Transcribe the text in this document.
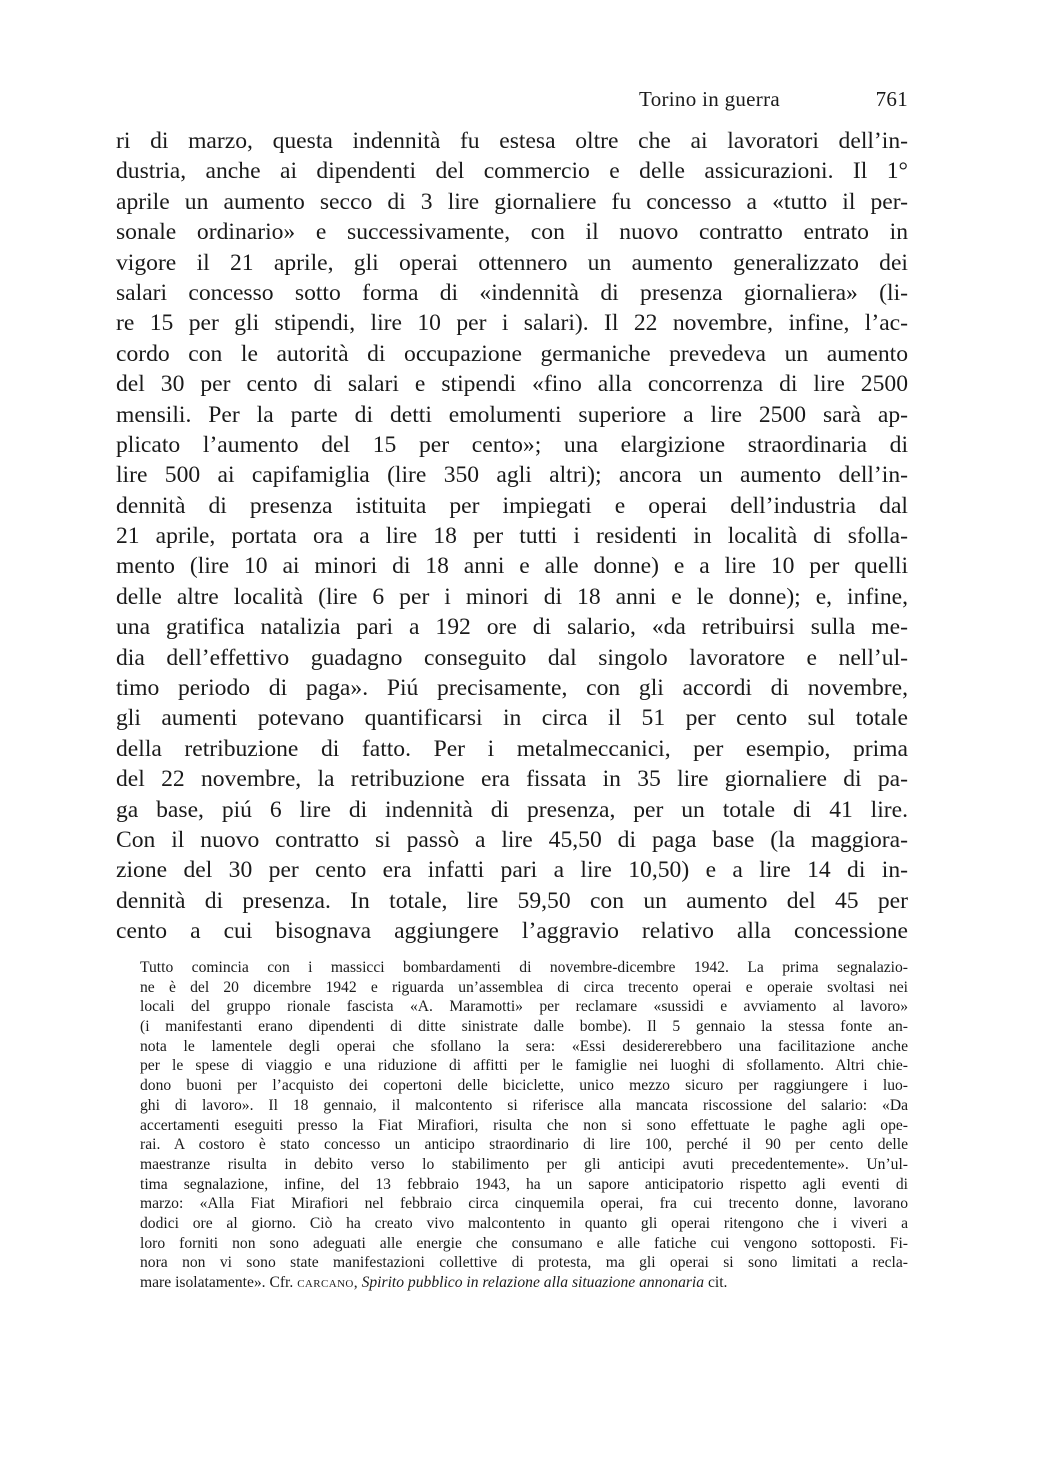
Torino in guerra	761
ri di marzo, questa indennità fu estesa oltre che ai lavoratori dell’in-
dustria, anche ai dipendenti del commercio e delle assicurazioni. Il 1°
aprile un aumento secco di 3 lire giornaliere fu concesso a «tutto il per-
sonale ordinario» e successivamente, con il nuovo contratto entrato in
vigore il 21 aprile, gli operai ottennero un aumento generalizzato dei
salari concesso sotto forma di «indennità di presenza giornaliera» (li-
re 15 per gli stipendi, lire 10 per i salari). Il 22 novembre, infine, l’ac-
cordo con le autorità di occupazione germaniche prevedeva un aumento
del 30 per cento di salari e stipendi «fino alla concorrenza di lire 2500
mensili. Per la parte di detti emolumenti superiore a lire 2500 sarà ap-
plicato l’aumento del 15 per cento»; una elargizione straordinaria di
lire 500 ai capifamiglia (lire 350 agli altri); ancora un aumento dell’in-
dennità di presenza istituita per impiegati e operai dell’industria dal
21 aprile, portata ora a lire 18 per tutti i residenti in località di sfolla-
mento (lire 10 ai minori di 18 anni e alle donne) e a lire 10 per quelli
delle altre località (lire 6 per i minori di 18 anni e le donne); e, infine,
una gratifica natalizia pari a 192 ore di salario, «da retribuirsi sulla me-
dia dell’effettivo guadagno conseguito dal singolo lavoratore e nell’ul-
timo periodo di paga». Piú precisamente, con gli accordi di novembre,
gli aumenti potevano quantificarsi in circa il 51 per cento sul totale
della retribuzione di fatto. Per i metalmeccanici, per esempio, prima
del 22 novembre, la retribuzione era fissata in 35 lire giornaliere di pa-
ga base, piú 6 lire di indennità di presenza, per un totale di 41 lire.
Con il nuovo contratto si passò a lire 45,50 di paga base (la maggiora-
zione del 30 per cento era infatti pari a lire 10,50) e a lire 14 di in-
dennità di presenza. In totale, lire 59,50 con un aumento del 45 per
cento a cui bisognava aggiungere l’aggravio relativo alla concessione
Tutto comincia con i massicci bombardamenti di novembre-dicembre 1942. La prima segnalazio-
ne è del 20 dicembre 1942 e riguarda un’assemblea di circa trecento operai e operaie svoltasi nei
locali del gruppo rionale fascista «A. Maramotti» per reclamare «sussidi e avviamento al lavoro»
(i manifestanti erano dipendenti di ditte sinistrate dalle bombe). Il 5 gennaio la stessa fonte an-
nota le lamentele degli operai che sfollano la sera: «Essi desidererebbero una facilitazione anche
per le spese di viaggio e una riduzione di affitti per le famiglie nei luoghi di sfollamento. Altri chie-
dono buoni per l’acquisto dei copertoni delle biciclette, unico mezzo sicuro per raggiungere i luo-
ghi di lavoro». Il 18 gennaio, il malcontento si riferisce alla mancata riscossione del salario: «Da
accertamenti eseguiti presso la Fiat Mirafiori, risulta che non si sono effettuate le paghe agli ope-
rai. A costoro è stato concesso un anticipo straordinario di lire 100, perché il 90 per cento delle
maestranze risulta in debito verso lo stabilimento per gli anticipi avuti precedentemente». Un’ul-
tima segnalazione, infine, del 13 febbraio 1943, ha un sapore anticipatorio rispetto agli eventi di
marzo: «Alla Fiat Mirafiori nel febbraio circa cinquemila operai, fra cui trecento donne, lavorano
dodici ore al giorno. Ciò ha creato vivo malcontento in quanto gli operai ritengono che i viveri a
loro forniti non sono adeguati alle energie che consumano e alle fatiche cui vengono sottoposti. Fi-
nora non vi sono state manifestazioni collettive di protesta, ma gli operai si sono limitati a recla-
mare isolatamente». Cfr. carcano, Spirito pubblico in relazione alla situazione annonaria cit.
